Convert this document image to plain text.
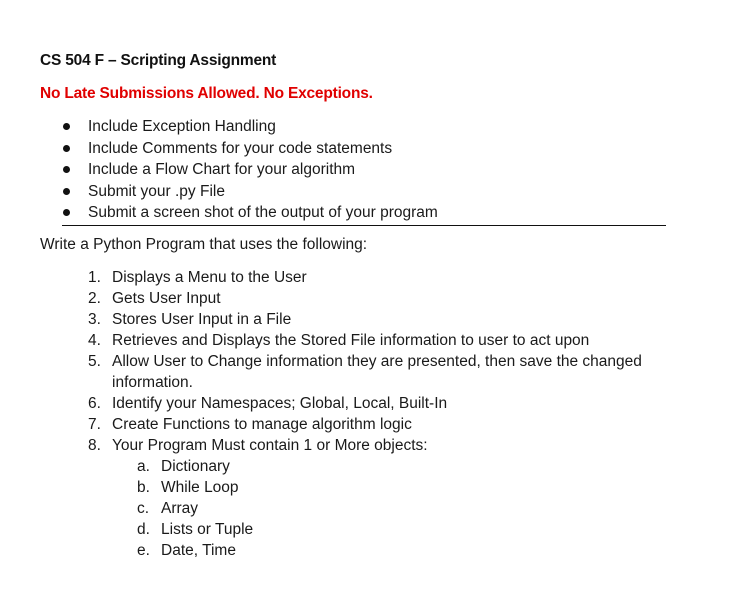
CS 504 F – Scripting Assignment
No Late Submissions Allowed. No Exceptions.
Include Exception Handling
Include Comments for your code statements
Include a Flow Chart for your algorithm
Submit your .py File
Submit a screen shot of the output of your program
Write a Python Program that uses the following:
1. Displays a Menu to the User
2. Gets User Input
3. Stores User Input in a File
4. Retrieves and Displays the Stored File information to user to act upon
5. Allow User to Change information they are presented, then save the changed information.
6. Identify your Namespaces; Global, Local, Built-In
7. Create Functions to manage algorithm logic
8. Your Program Must contain 1 or More objects:
a. Dictionary
b. While Loop
c. Array
d. Lists or Tuple
e. Date, Time
